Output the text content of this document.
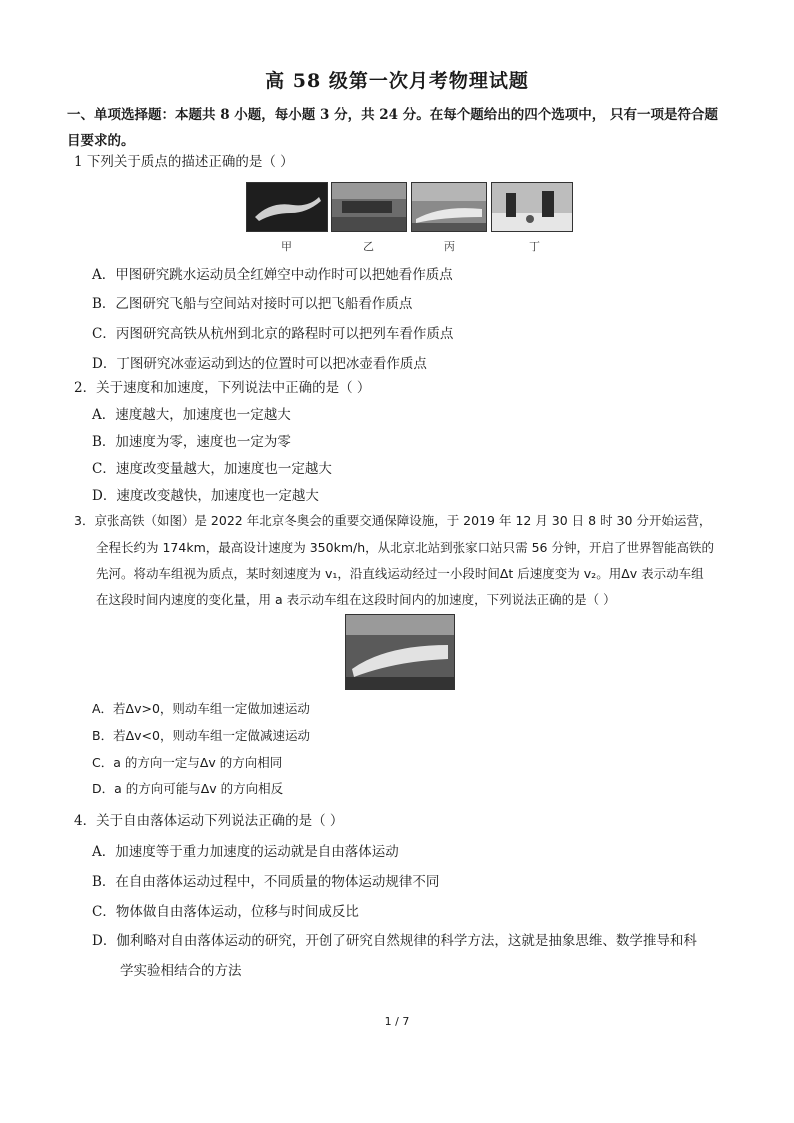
高 58 级第一次月考物理试题
一、单项选择题：本题共 8 小题，每小题 3 分，共 24 分。在每个题给出的四个选项中， 只有一项是符合题目要求的。
1 下列关于质点的描述正确的是（ ）
甲	乙	丙	丁
A．甲图研究跳水运动员全红婵空中动作时可以把她看作质点
B．乙图研究飞船与空间站对接时可以把飞船看作质点
C．丙图研究高铁从杭州到北京的路程时可以把列车看作质点
D．丁图研究冰壶运动到达的位置时可以把冰壶看作质点
2．关于速度和加速度，下列说法中正确的是（ ）
A．速度越大，加速度也一定越大
B．加速度为零，速度也一定为零
C．速度改变量越大，加速度也一定越大
D．速度改变越快，加速度也一定越大
3．京张高铁（如图）是 2022 年北京冬奥会的重要交通保障设施，于 2019 年 12 月 30 日 8 时 30 分开始运营，
全程长约为 174km，最高设计速度为 350km/h，从北京北站到张家口站只需 56 分钟，开启了世界智能高铁的
先河。将动车组视为质点，某时刻速度为 v₁，沿直线运动经过一小段时间Δt 后速度变为 v₂。用Δv 表示动车组
在这段时间内速度的变化量，用 a 表示动车组在这段时间内的加速度，下列说法正确的是（ ）
A．若Δv>0，则动车组一定做加速运动
B．若Δv<0，则动车组一定做减速运动
C．a 的方向一定与Δv 的方向相同
D．a 的方向可能与Δv 的方向相反
4．关于自由落体运动下列说法正确的是（ ）
A．加速度等于重力加速度的运动就是自由落体运动
B．在自由落体运动过程中，不同质量的物体运动规律不同
C．物体做自由落体运动，位移与时间成反比
D．伽利略对自由落体运动的研究，开创了研究自然规律的科学方法，这就是抽象思维、数学推导和科
学实验相结合的方法
1 / 7
